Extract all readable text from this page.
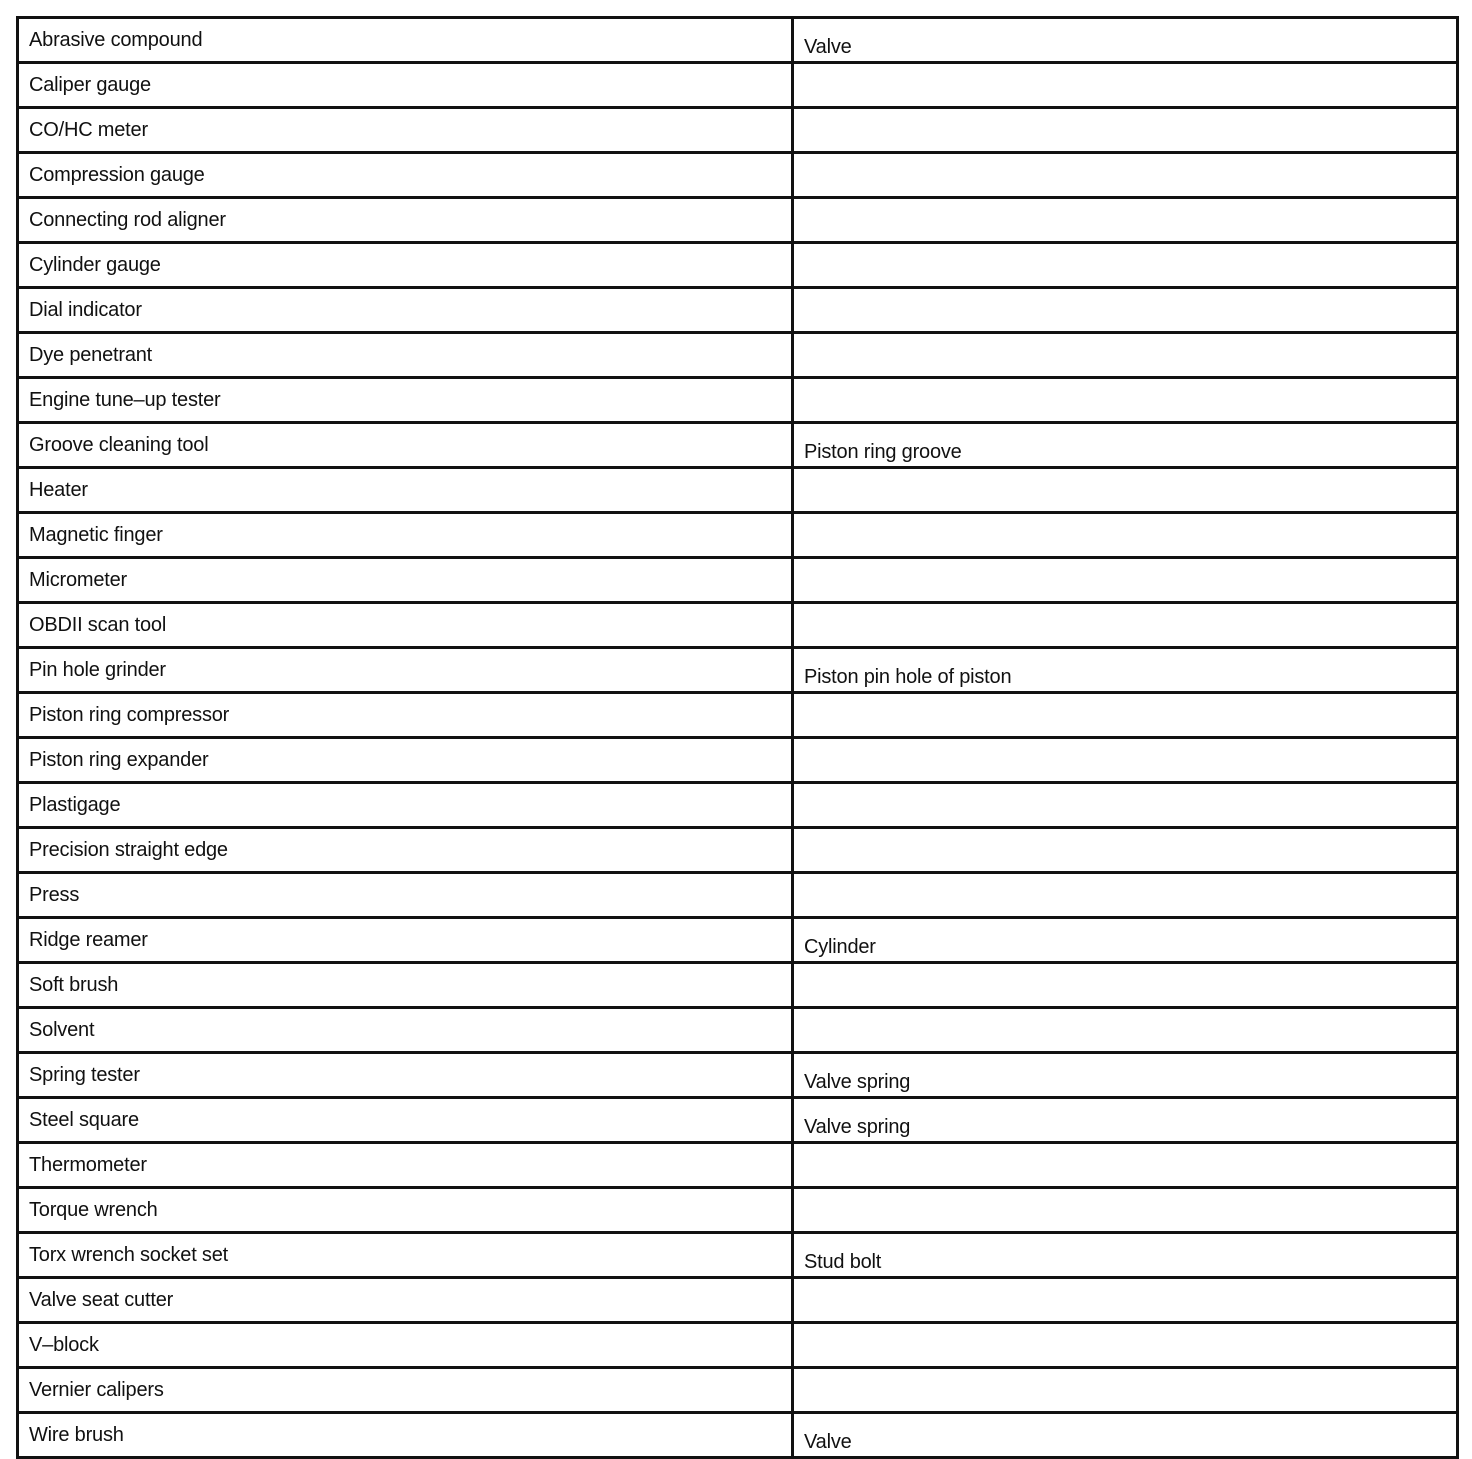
Abrasive compound	Valve
Caliper gauge	
CO/HC meter	
Compression gauge	
Connecting rod aligner	
Cylinder gauge	
Dial indicator	
Dye penetrant	
Engine tune–up tester	
Groove cleaning tool	Piston ring groove
Heater	
Magnetic finger	
Micrometer	
OBDII scan tool	
Pin hole grinder	Piston pin hole of piston
Piston ring compressor	
Piston ring expander	
Plastigage	
Precision straight edge	
Press	
Ridge reamer	Cylinder
Soft brush	
Solvent	
Spring tester	Valve spring
Steel square	Valve spring
Thermometer	
Torque wrench	
Torx wrench socket set	Stud bolt
Valve seat cutter	
V–block	
Vernier calipers	
Wire brush	Valve
